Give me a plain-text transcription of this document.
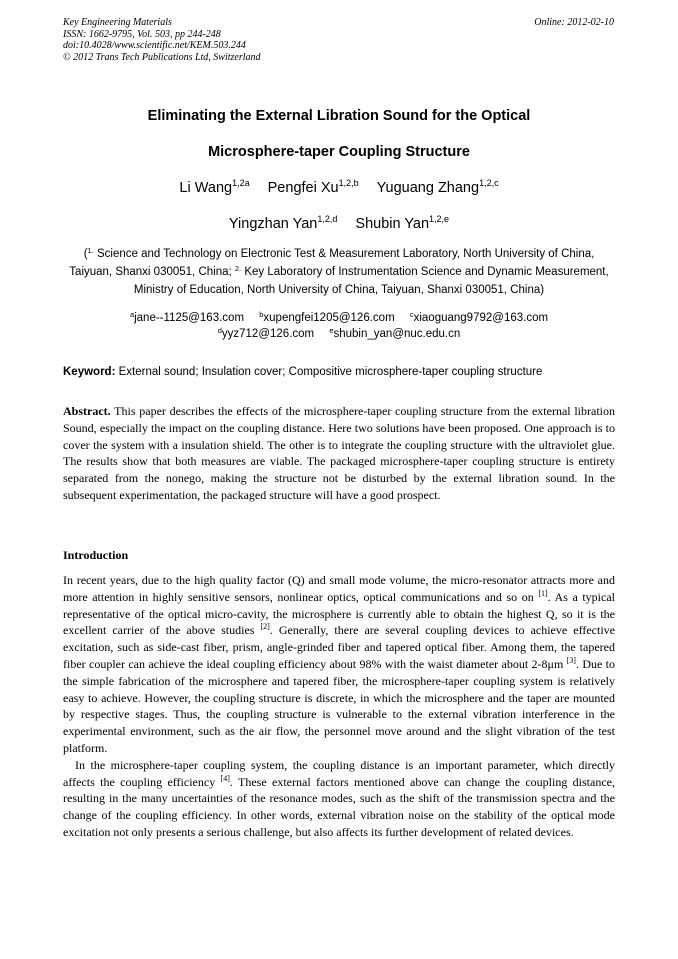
Key Engineering Materials
ISSN: 1662-9795, Vol. 503, pp 244-248
doi:10.4028/www.scientific.net/KEM.503.244
© 2012 Trans Tech Publications Ltd, Switzerland
Online: 2012-02-10
Eliminating the External Libration Sound for the Optical
Microsphere-taper Coupling Structure
Li Wang$^{1,2a}$ Pengfei Xu$^{1,2,b}$ Yuguang Zhang$^{1,2,c}$
Yingzhan Yan$^{1,2,d}$ Shubin Yan$^{1,2,e}$
($^{1.}$ Science and Technology on Electronic Test & Measurement Laboratory, North University of China, Taiyuan, Shanxi 030051, China; $^{2.}$ Key Laboratory of Instrumentation Science and Dynamic Measurement, Ministry of Education, North University of China, Taiyuan, Shanxi 030051, China)
$^a$jane--1125@163.com $^b$xupengfei1205@126.com $^c$xiaoguang9792@163.com
$^d$yyz712@126.com $^e$shubin_yan@nuc.edu.cn
Keyword: External sound; Insulation cover; Compositive microsphere-taper coupling structure
Abstract. This paper describes the effects of the microsphere-taper coupling structure from the external libration Sound, especially the impact on the coupling distance. Here two solutions have been proposed. One approach is to cover the system with a insulation shield. The other is to integrate the coupling structure with the ultraviolet glue. The results show that both measures are viable. The packaged microsphere-taper coupling structure is entirety separated from the nonego, making the structure not be disturbed by the external libration sound. In the subsequent experimentation, the packaged structure will have a good prospect.
Introduction

In recent years, due to the high quality factor (Q) and small mode volume, the micro-resonator attracts more and more attention in highly sensitive sensors, nonlinear optics, optical communications and so on [1]. As a typical representative of the optical micro-cavity, the microsphere is currently able to obtain the highest Q, so it is the excellent carrier of the above studies [2]. Generally, there are several coupling devices to achieve effective excitation, such as side-cast fiber, prism, angle-grinded fiber and tapered optical fiber. Among them, the tapered fiber coupler can achieve the ideal coupling efficiency about 98% with the waist diameter about 2-8μm [3]. Due to the simple fabrication of the microsphere and tapered fiber, the microsphere-taper coupling system is relatively easy to achieve. However, the coupling structure is discrete, in which the microsphere and the taper are mounted by respective stages. Thus, the coupling structure is vulnerable to the external vibration interference in the experimental environment, such as the air flow, the personnel move around and the slight vibration of the test platform.

In the microsphere-taper coupling system, the coupling distance is an important parameter, which directly affects the coupling efficiency [4]. These external factors mentioned above can change the coupling distance, resulting in the many uncertainties of the resonance modes, such as the shift of the transmission spectra and the change of the coupling efficiency. In other words, external vibration noise on the stability of the optical mode excitation not only presents a serious challenge, but also affects its further development of related devices.
